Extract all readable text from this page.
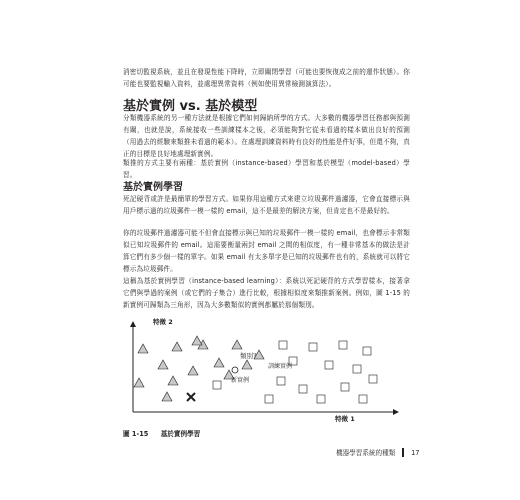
消密切監視系統，並且在發現性能下降時，立即關閉學習（可能也要恢復成之前的運作狀態）。你可能也要監視輸入資料，並處理異常資料（例如使用異常檢測演算法）。

基於實例 vs. 基於模型

分類機器系統的另一種方法就是根據它們如何歸納所學的方式。大多數的機器學習任務都與預測有關，也就是說，系統接收一些訓練樣本之後，必須能夠對它從未看過的樣本做出良好的預測（用過去的經驗來類推未看過的範本）。在處理訓練資料時有良好的性能是件好事，但還不夠，真正的目標是良好地處理新實例。

類推的方式主要有兩種：基於實例（instance-based）學習和基於模型（model-based）學習。

基於實例學習

死記硬背或許是最簡單的學習方式。如果你用這種方式來建立垃圾郵件過濾器，它會直接標示與用戶標示過的垃圾郵件一模一樣的 email，這不是最差的解決方案，但肯定也不是最好的。

你的垃圾郵件過濾器可能不但會直接標示與已知的垃圾郵件一模一樣的 email，也會標示非常類似已知垃圾郵件的 email。這需要衡量兩封 email 之間的相似度，有一種非常基本的做法是計算它們有多少個一樣的單字。如果 email 有太多單字是已知的垃圾郵件也有的，系統就可以將它標示為垃圾郵件。

這稱為基於實例學習（instance-based learning）：系統以死記硬背的方式學習樣本，接著拿它們與學過的案例（或它們的子集合）進行比較，根據相似度來類推新案例。例如，圖 1-15 的新實例可歸類為三角形，因為大多數類似的實例都屬於那個類別。

特徵 2
特徵 1
類別？
訓練實例
新實例
圖 1-15 基於實例學習
機器學習系統的種類 17
